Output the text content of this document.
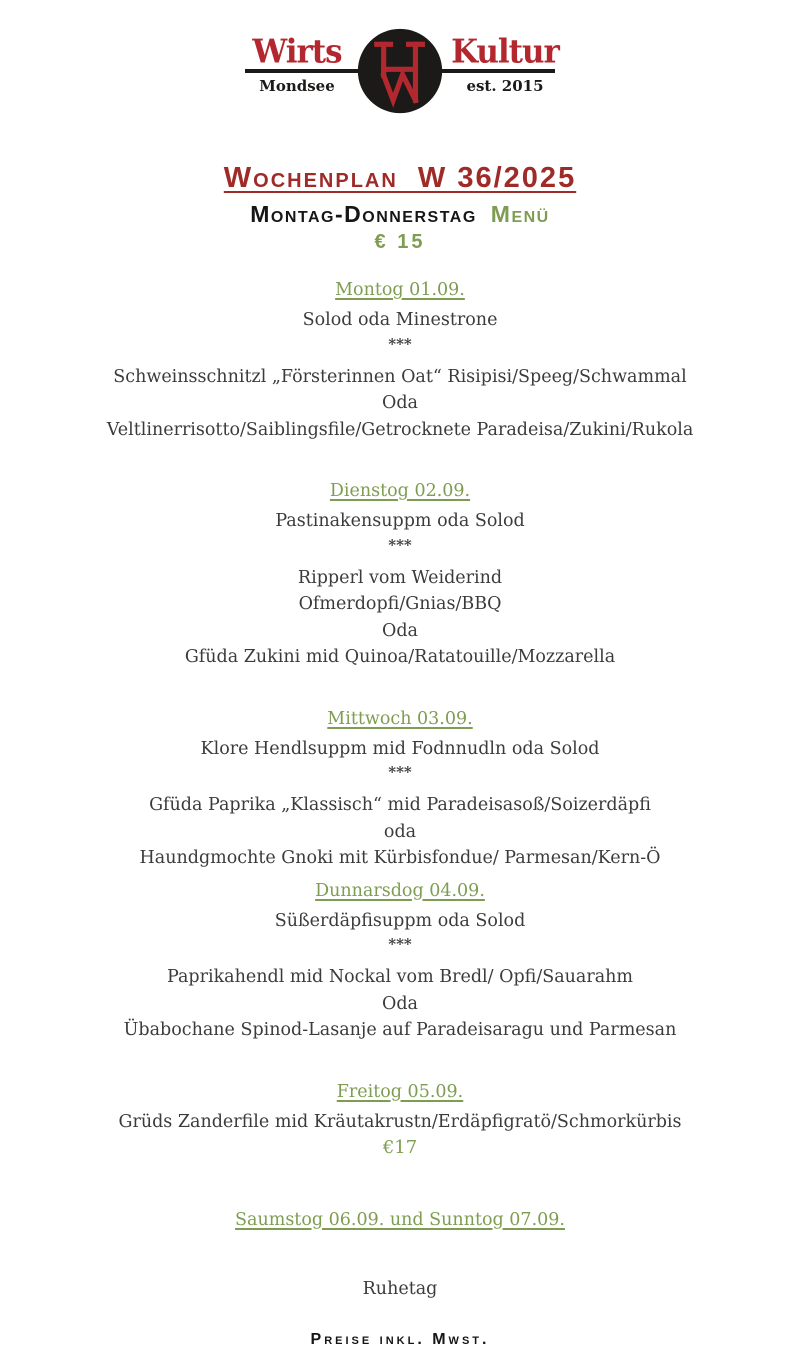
Wirts	Kultur
Mondsee	est. 2015
Wochenplan  W 36/2025
Montag-Donnerstag Menü
€ 15
Montog 01.09.
Solod oda Minestrone
***
Schweinsschnitzl „Försterinnen Oat“ Risipisi/Speeg/Schwammal
Oda
Veltlinerrisotto/Saiblingsfile/Getrocknete Paradeisa/Zukini/Rukola
Dienstog 02.09.
Pastinakensuppm oda Solod
***
Ripperl vom Weiderind
Ofmerdopfi/Gnias/BBQ
Oda
Gfüda Zukini mid Quinoa/Ratatouille/Mozzarella
Mittwoch 03.09.
Klore Hendlsuppm mid Fodnnudln oda Solod
***
Gfüda Paprika „Klassisch“ mid Paradeisasoß/Soizerdäpfi
oda
Haundgmochte Gnoki mit Kürbisfondue/ Parmesan/Kern-Ö
Dunnarsdog 04.09.
Süßerdäpfisuppm oda Solod
***
Paprikahendl mid Nockal vom Bredl/ Opfi/Sauarahm
Oda
Übabochane Spinod-Lasanje auf Paradeisaragu und Parmesan
Freitog 05.09.
Grüds Zanderfile mid Kräutakrustn/Erdäpfigratö/Schmorkürbis
€17
Saumstog 06.09. und Sunntog 07.09.
Ruhetag
Preise inkl. Mwst.
